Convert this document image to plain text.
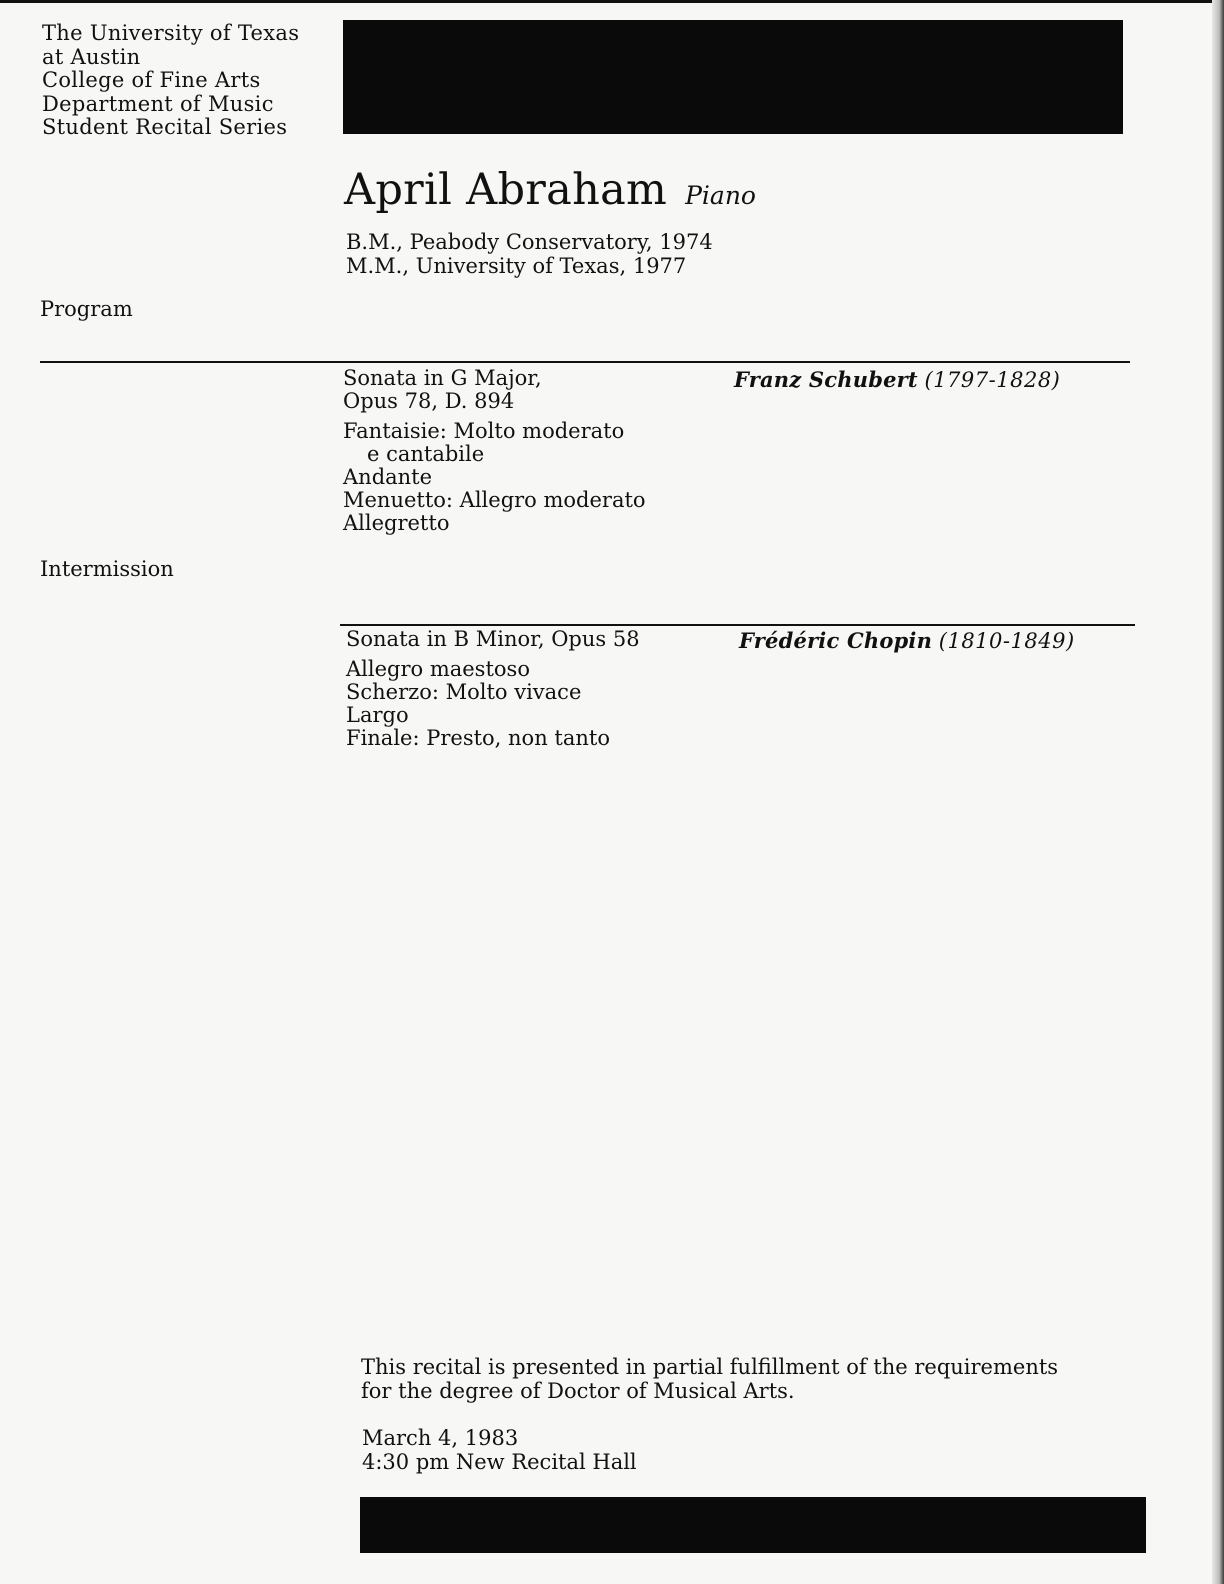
The University of Texas
at Austin
College of Fine Arts
Department of Music
Student Recital Series
April Abraham Piano
B.M., Peabody Conservatory, 1974
M.M., University of Texas, 1977
Program
Sonata in G Major,
Opus 78, D. 894
Fantaisie: Molto moderato
e cantabile
Andante
Menuetto: Allegro moderato
Allegretto
Franz Schubert (1797-1828)
Intermission
Sonata in B Minor, Opus 58
Allegro maestoso
Scherzo: Molto vivace
Largo
Finale: Presto, non tanto
Frédéric Chopin (1810-1849)
This recital is presented in partial fulfillment of the requirements
for the degree of Doctor of Musical Arts.
March 4, 1983
4:30 pm New Recital Hall
